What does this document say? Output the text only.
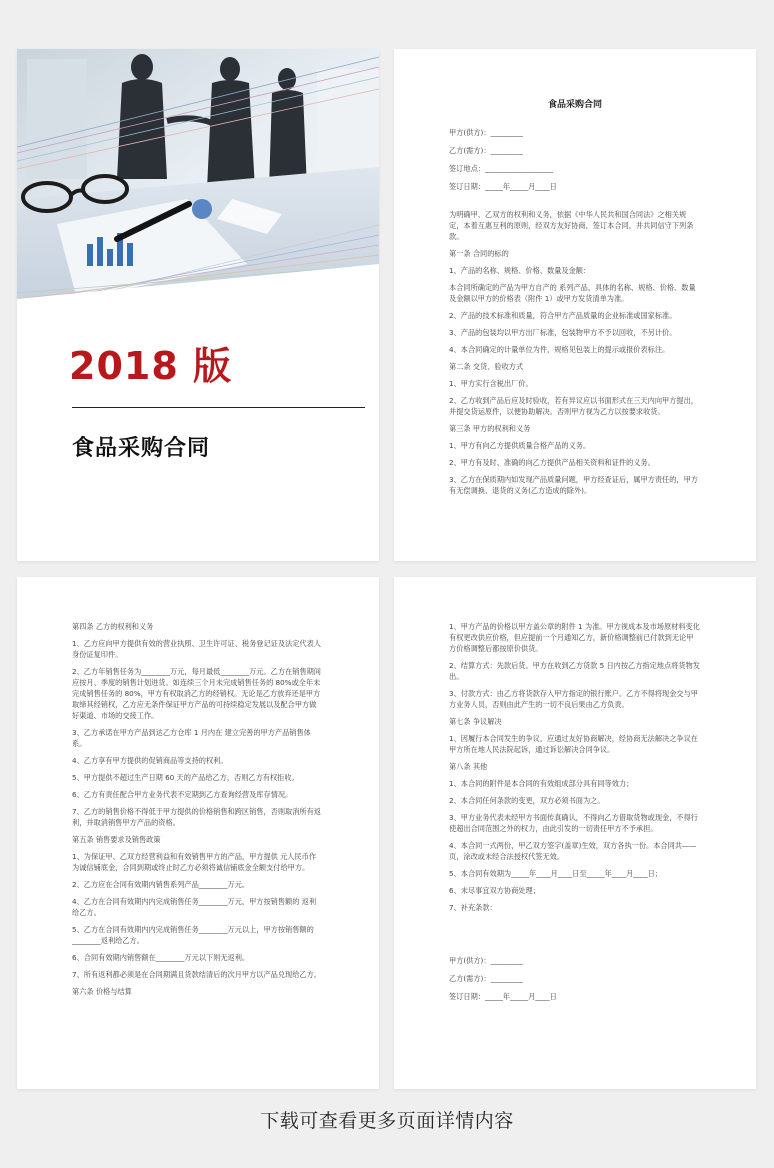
2018 版
食品采购合同
食品采购合同

甲方(供方)：_________

乙方(需方)：_________

签订地点：___________________

签订日期：_____年_____月____日

为明确甲、乙双方的权利和义务，依据《中华人民共和国合同法》之相关规

定，本着互惠互利的原则，经双方友好协商，签订本合同，并共同信守下列条

款。

第一条 合同的标的

1、产品的名称、规格、价格、数量及金额：

本合同所确定的产品为甲方自产的 系列产品，具体的名称、规格、价格、数量

及金额以甲方的价格表（附件 1）或甲方发货清单为准。

2、产品的技术标准和质量，符合甲方产品质量的企业标准或国家标准。

3、产品的包装均以甲方出厂标准，包装物甲方不予以回收，不另计价。

4、本合同确定的计量单位为件，规格见包装上的提示或报价表标注。

第二条 交货、验收方式

1、甲方实行含税出厂价。

2、乙方收到产品后应及时验收，若有异议应以书面形式在三天内向甲方提出，

并提交货运原件，以便协助解决。否则甲方视为乙方以按要求收货。

第三条 甲方的权利和义务

1、甲方有向乙方提供质量合格产品的义务。

2、甲方有及时、准确的向乙方提供产品相关资料和证件的义务。

3、乙方在保质期内如发现产品质量问题，甲方经查证后，属甲方责任的，甲方

有无偿调换、退货的义务(乙方造成的除外)。

第四条 乙方的权利和义务

1、乙方应向甲方提供有效的营业执照、卫生许可证、税务登记证及法定代表人

身份证复印件。

2、乙方年销售任务为________万元，每月最低________万元。乙方在销售期间

应按月、季度的销售计划进货。如连续三个月未完成销售任务的 80%或全年未

完成销售任务的 80%，甲方有权取消乙方的经销权。无论是乙方放弃还是甲方

取缔其经销权，乙方应无条件保证甲方产品的可持续稳定发展以及配合甲方做

好渠道、市场的交接工作。

3、乙方承诺在甲方产品到达乙方仓库 1 月内在 建立完善的甲方产品销售体

系。

4、乙方享有甲方提供的促销商品等支持的权利。

5、甲方提供不超过生产日期 60 天的产品给乙方，否则乙方有权拒收。

6、乙方有责任配合甲方业务代表不定期到乙方查询经营及库存情况。

7、乙方的销售价格不得低于甲方提供的价格销售和跨区销售，否则取消所有返

利，并取消销售甲方产品的资格。

第五条 销售要求及销售政策

1、为保证甲、乙双方经营利益和有效销售甲方的产品，甲方提供 元人民币作

为诚信铺底金，合同到期或终止时乙方必须将诚信铺底金全额支付给甲方。

2、乙方应在合同有效期内销售系列产品________万元。

4、乙方在合同有效期内内完成销售任务________万元，甲方按销售额的 返利

给乙方。

5、乙方在合同有效期内内完成销售任务________万元以上，甲方按销售额的

________返利给乙方。

6、合同有效期内销售额在________万元以下则无返利。

7、所有返利都必须是在合同期满且货款结清后的次月甲方以产品兑现给乙方。

第六条 价格与结算

1、甲方产品的价格以甲方盖公章的附件 1 为准。甲方视成本及市场原材料变化

有权更改供应价格，但应提前一个月通知乙方，新价格调整前已付款到无论甲

方价格调整后都按原价供货。

2、结算方式：先款后货。甲方在收到乙方货款 5 日内按乙方指定地点将货物发

出。

3、付款方式：由乙方将货款存入甲方指定的银行账户。乙方不得将现金交与甲

方业务人员，否则由此产生的一切不良后果由乙方负责。

第七条 争议解决

1、因履行本合同发生的争议，应通过友好协商解决，经协商无法解决之争议在

甲方所在地人民法院起诉，通过诉讼解决合同争议。

第八条 其他

1、本合同的附件是本合同的有效组成部分具有同等效力；

2、本合同任何条款的变更，双方必须书面为之。

3、甲方业务代表未经甲方书面传真确认，不得向乙方借取货物或现金，不得行

使超出合同范围之外的权力，由此引发的一切责任甲方不予承担。

4、本合同一式两份，甲乙双方签字(盖章)生效，双方各执一份。本合同共——

页，涂改或未经合法授权代签无效。

5、本合同有效期为_____年____月____日至_____年____月____日；

6、未尽事宜双方协商处理；

7、补充条款：

甲方(供方)：_________

乙方(需方)：_________

签订日期：_____年_____月____日

下载可查看更多页面详情内容
